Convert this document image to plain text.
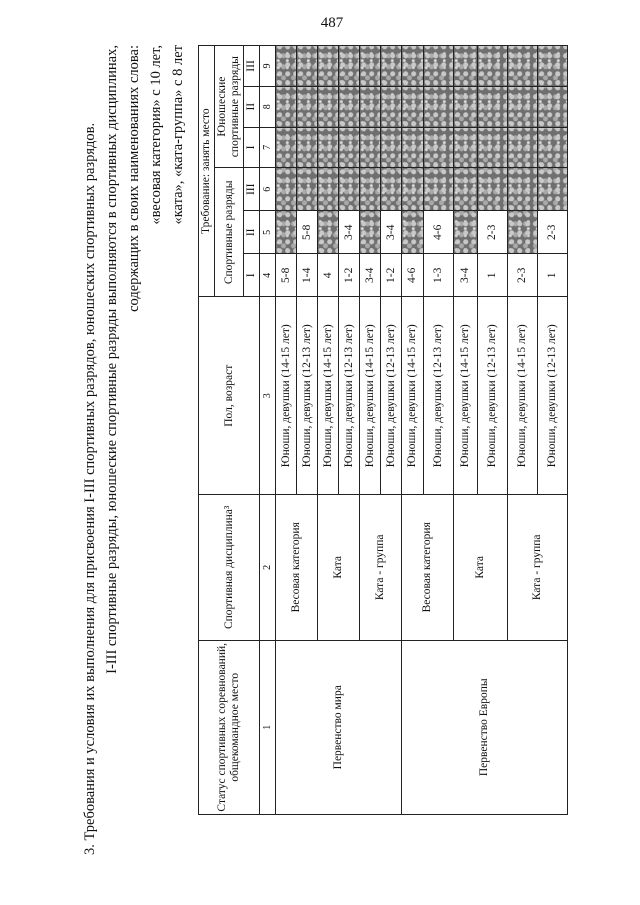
487
3. Требования и условия их выполнения для присвоения I-III спортивных разрядов, юношеских спортивных разрядов. I-III спортивные разряды, юношеские спортивные разряды выполняются в спортивных дисциплинах, содержащих в своих наименованиях слова: «весовая категория» с 10 лет, «ката», «ката-группа» с 8 лет
Статус спортивных соревнований, общекомандное место	Спортивная дисциплина³	Пол, возраст	Требование: занять место					
			Спортивные разряды			Юношеские спортивные разряды		
			I	II	III	I	II	III
1	2	3	4	5	6	7	8	9
Первенство мира	Весовая категория	Юноши, девушки (14-15 лет)	5-8					
		Юноши, девушки (12-13 лет)	1-4	5-8				
	Ката	Юноши, девушки (14-15 лет)	4					
		Юноши, девушки (12-13 лет)	1-2	3-4				
	Ката - группа	Юноши, девушки (14-15 лет)	3-4					
		Юноши, девушки (12-13 лет)	1-2	3-4				
Первенство Европы	Весовая категория	Юноши, девушки (14-15 лет)	4-6					
		Юноши, девушки (12-13 лет)	1-3	4-6				
	Ката	Юноши, девушки (14-15 лет)	3-4					
		Юноши, девушки (12-13 лет)	1	2-3				
	Ката - группа	Юноши, девушки (14-15 лет)	2-3					
		Юноши, девушки (12-13 лет)	1	2-3				
